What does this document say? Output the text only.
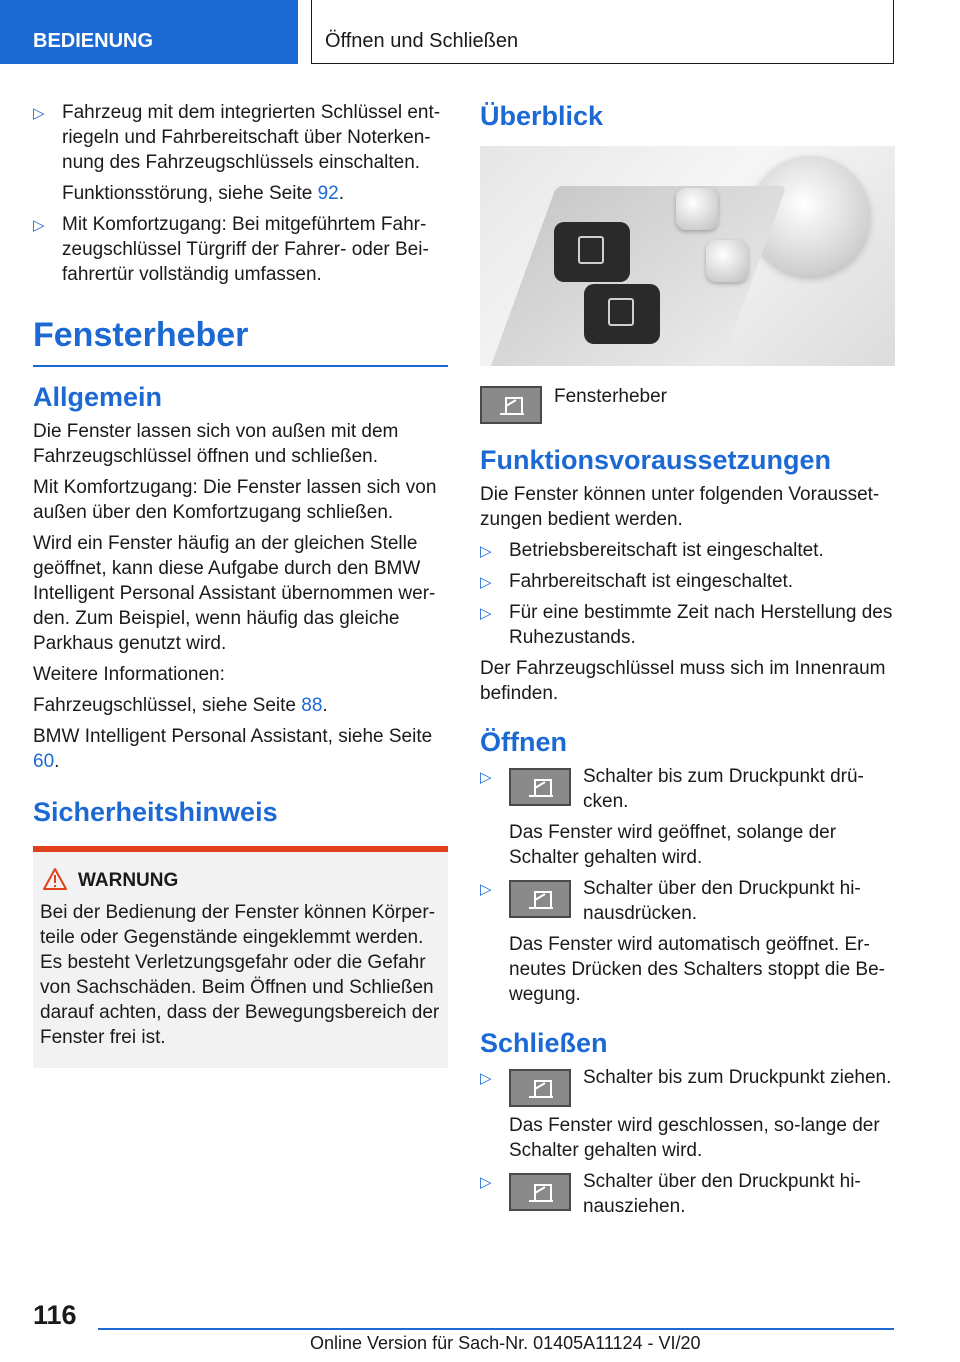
BEDIENUNG	Öffnen und Schließen
▷ Fahrzeug mit dem integrierten Schlüssel ent-riegeln und Fahrbereitschaft über Noterken-nung des Fahrzeugschlüssels einschalten.
Funktionsstörung, siehe Seite 92.
▷ Mit Komfortzugang: Bei mitgeführtem Fahr-zeugschlüssel Türgriff der Fahrer- oder Bei-fahrertür vollständig umfassen.
Fensterheber
Allgemein

Die Fenster lassen sich von außen mit dem Fahrzeugschlüssel öffnen und schließen.

Mit Komfortzugang: Die Fenster lassen sich von außen über den Komfortzugang schließen.

Wird ein Fenster häufig an der gleichen Stelle geöffnet, kann diese Aufgabe durch den BMW Intelligent Personal Assistant übernommen wer-den. Zum Beispiel, wenn häufig das gleiche Parkhaus genutzt wird.

Weitere Informationen:

Fahrzeugschlüssel, siehe Seite 88.

BMW Intelligent Personal Assistant, siehe Seite 60.

Sicherheitshinweis
WARNUNG

Bei der Bedienung der Fenster können Körper-teile oder Gegenstände eingeklemmt werden. Es besteht Verletzungsgefahr oder die Gefahr von Sachschäden. Beim Öffnen und Schließen darauf achten, dass der Bewegungsbereich der Fenster frei ist.

Überblick
Fensterheber
Funktionsvoraussetzungen

Die Fenster können unter folgenden Vorausset-zungen bedient werden.

▷ Betriebsbereitschaft ist eingeschaltet.
▷ Fahrbereitschaft ist eingeschaltet.
▷ Für eine bestimmte Zeit nach Herstellung des Ruhezustands.

Der Fahrzeugschlüssel muss sich im Innenraum befinden.

Öffnen
▷	Schalter bis zum Druckpunkt drü-cken.
Das Fenster wird geöffnet, solange der Schalter gehalten wird.
▷	Schalter über den Druckpunkt hi-nausdrücken.
Das Fenster wird automatisch geöffnet. Er-neutes Drücken des Schalters stoppt die Be-wegung.
Schließen
▷	Schalter bis zum Druckpunkt ziehen.
Das Fenster wird geschlossen, so-lange der Schalter gehalten wird.
▷	Schalter über den Druckpunkt hi-nausziehen.
116
Online Version für Sach-Nr. 01405A11124 - VI/20
